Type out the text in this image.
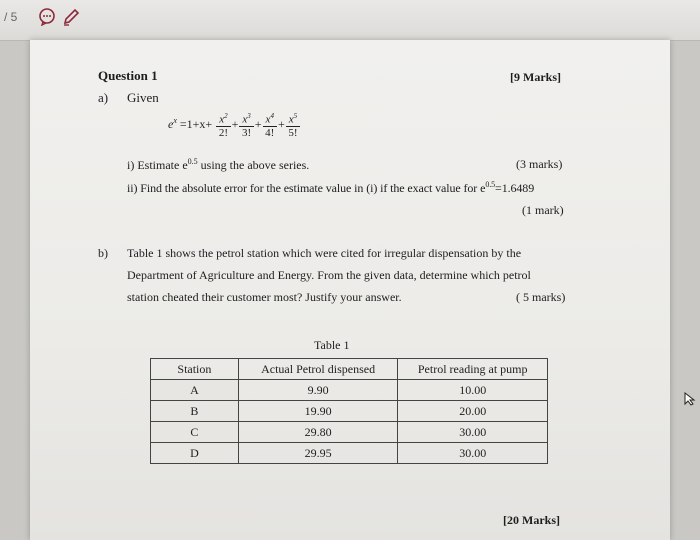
/ 5
Question 1	[9 Marks]
a) Given
$e^x =1+x+ \frac{x^2}{2!} + \frac{x^3}{3!} + \frac{x^4}{4!} + \frac{x^5}{5!}$
i) Estimate $e^{0.5}$ using the above series.	(3 marks)
ii) Find the absolute error for the estimate value in (i) if the exact value for $e^{0.5}=1.6489$
(1 mark)
b) Table 1 shows the petrol station which were cited for irregular dispensation by the
Department of Agriculture and Energy. From the given data, determine which petrol
station cheated their customer most? Justify your answer.	( 5 marks)
Table 1
Station	Actual Petrol dispensed	Petrol reading at pump
A	9.90	10.00
B	19.90	20.00
C	29.80	30.00
D	29.95	30.00
[20 Marks]
